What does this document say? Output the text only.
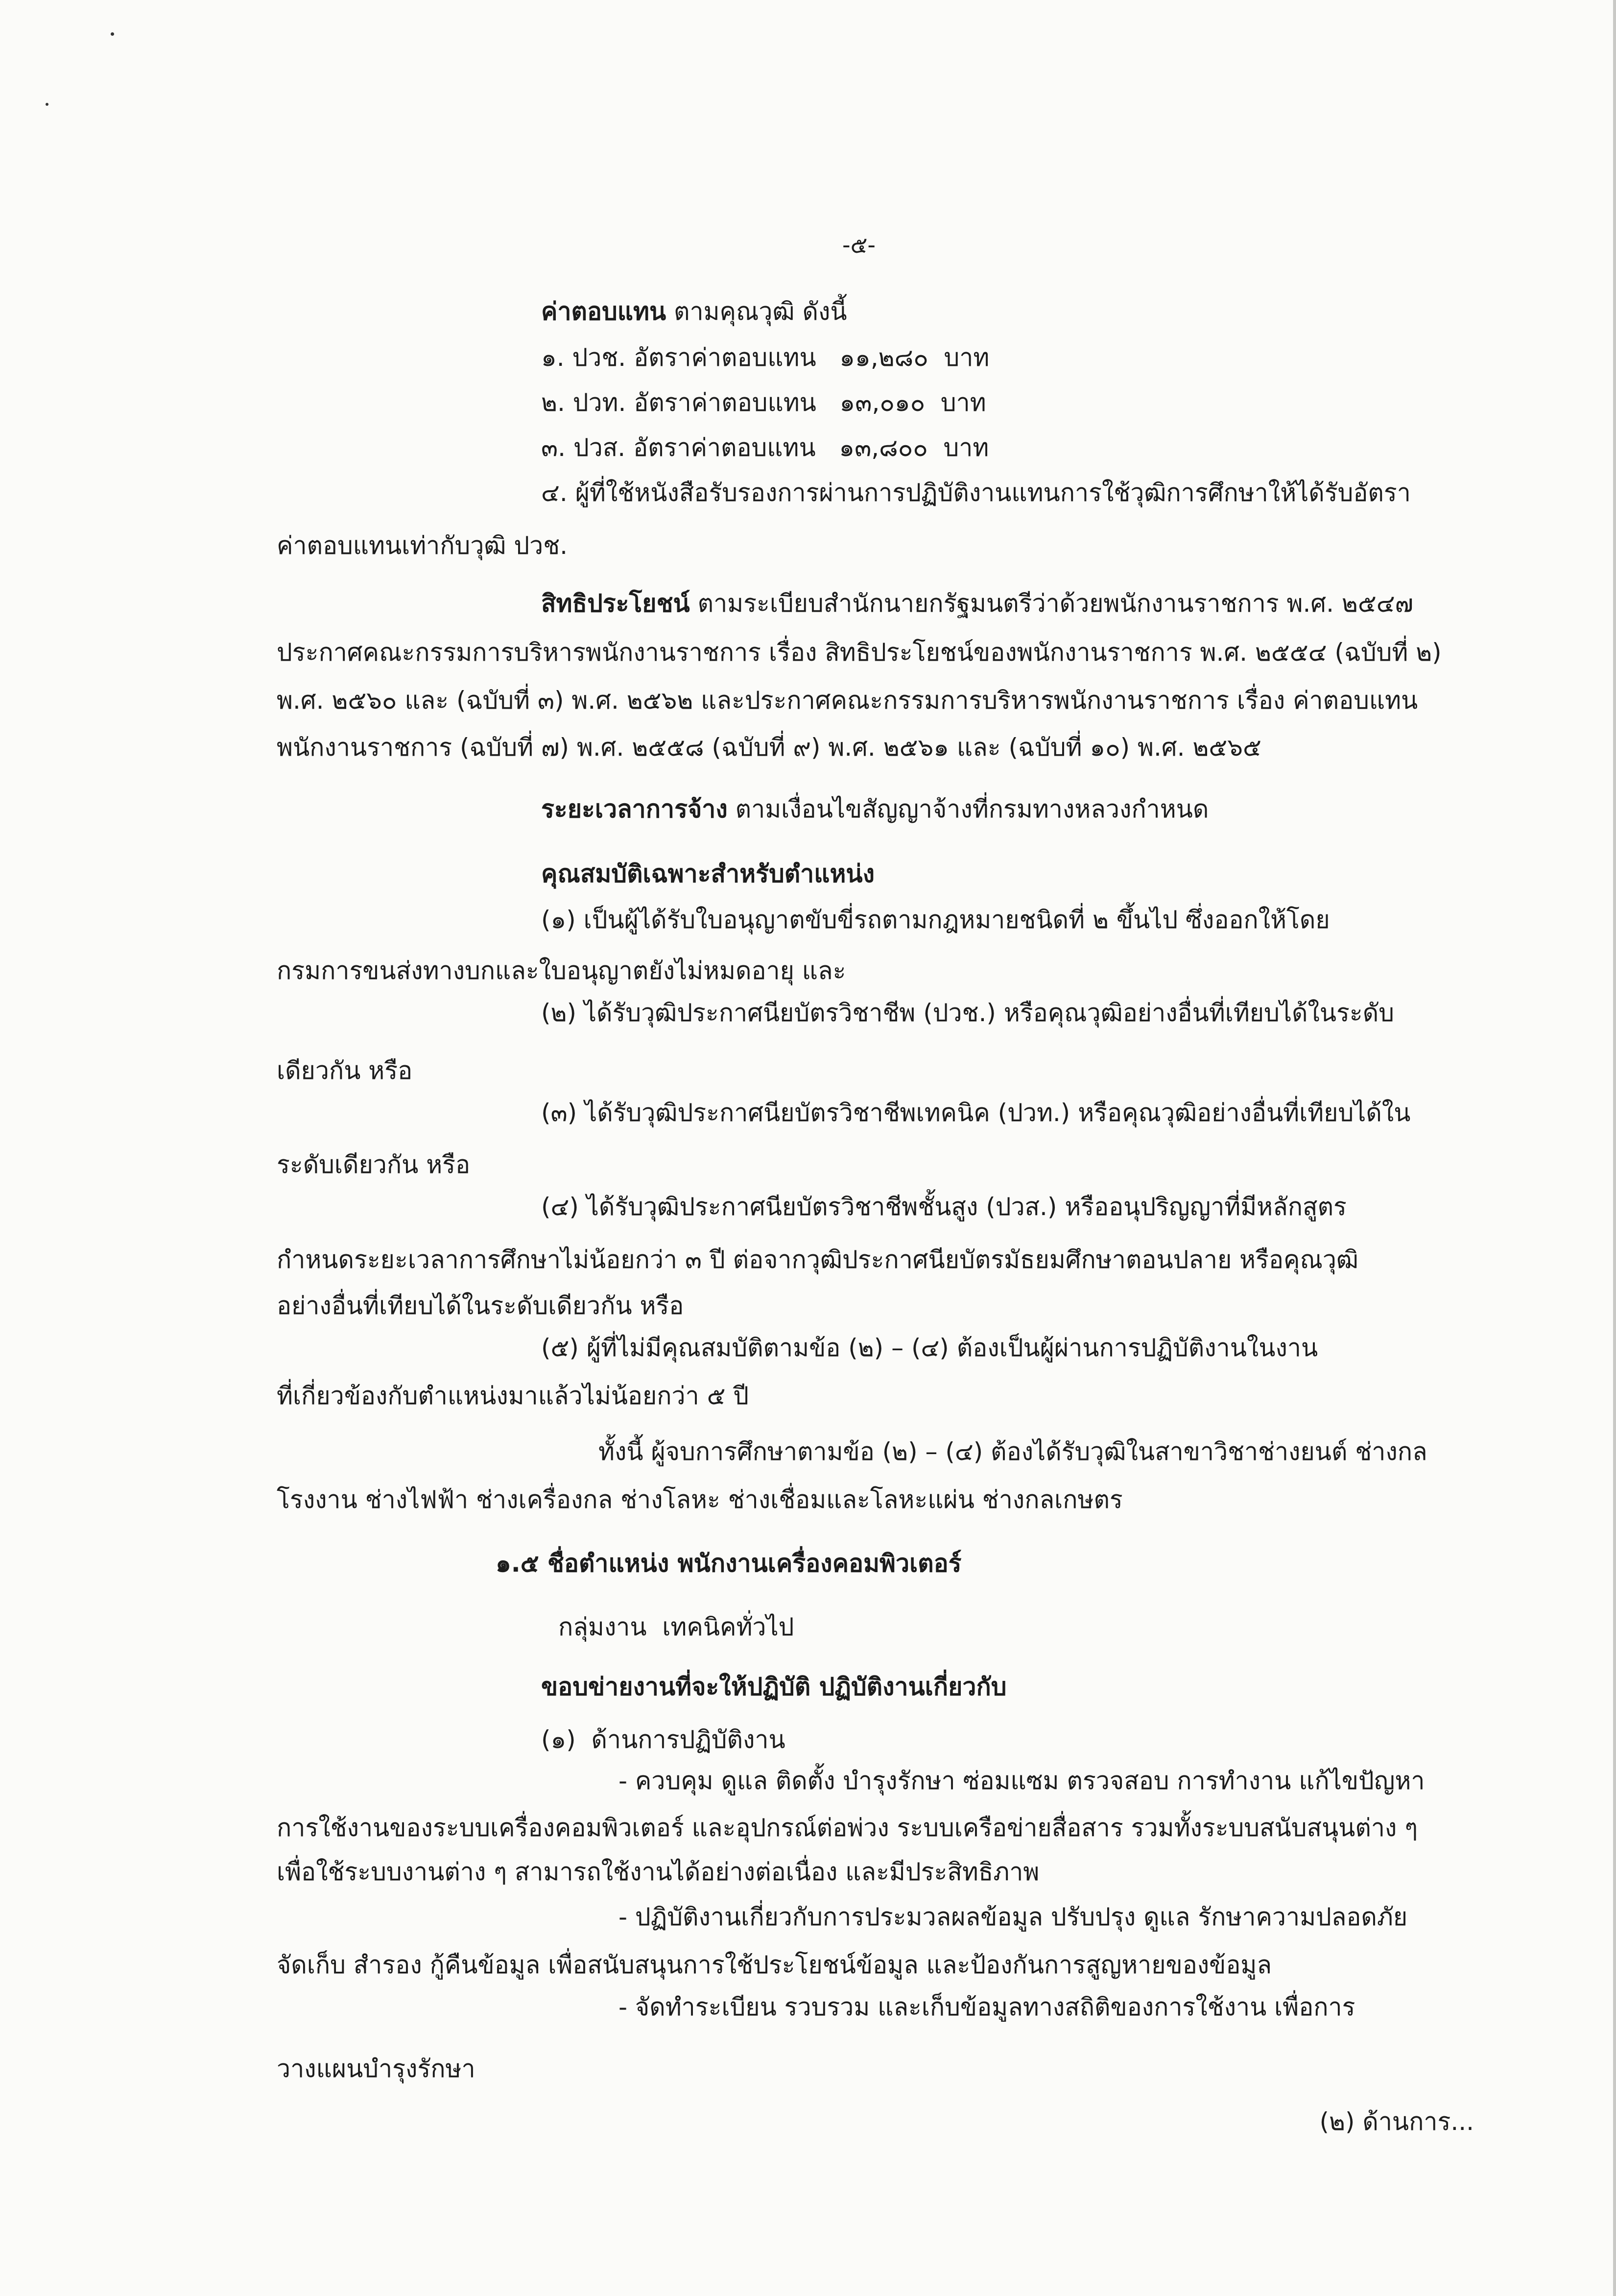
-๕-
ค่าตอบแทน ตามคุณวุฒิ ดังนี้
๑. ปวช. อัตราค่าตอบแทน   ๑๑,๒๘๐  บาท
๒. ปวท. อัตราค่าตอบแทน   ๑๓,๐๑๐  บาท
๓. ปวส. อัตราค่าตอบแทน   ๑๓,๘๐๐  บาท
๔. ผู้ที่ใช้หนังสือรับรองการผ่านการปฏิบัติงานแทนการใช้วุฒิการศึกษาให้ได้รับอัตรา
ค่าตอบแทนเท่ากับวุฒิ ปวช.
สิทธิประโยชน์ ตามระเบียบสำนักนายกรัฐมนตรีว่าด้วยพนักงานราชการ พ.ศ. ๒๕๔๗
ประกาศคณะกรรมการบริหารพนักงานราชการ เรื่อง สิทธิประโยชน์ของพนักงานราชการ พ.ศ. ๒๕๕๔ (ฉบับที่ ๒)
พ.ศ. ๒๕๖๐ และ (ฉบับที่ ๓) พ.ศ. ๒๕๖๒ และประกาศคณะกรรมการบริหารพนักงานราชการ เรื่อง ค่าตอบแทน
พนักงานราชการ (ฉบับที่ ๗) พ.ศ. ๒๕๕๘ (ฉบับที่ ๙) พ.ศ. ๒๕๖๑ และ (ฉบับที่ ๑๐) พ.ศ. ๒๕๖๕
ระยะเวลาการจ้าง ตามเงื่อนไขสัญญาจ้างที่กรมทางหลวงกำหนด
คุณสมบัติเฉพาะสำหรับตำแหน่ง
(๑) เป็นผู้ได้รับใบอนุญาตขับขี่รถตามกฎหมายชนิดที่ ๒ ขึ้นไป ซึ่งออกให้โดย
กรมการขนส่งทางบกและใบอนุญาตยังไม่หมดอายุ และ
(๒) ได้รับวุฒิประกาศนียบัตรวิชาชีพ (ปวช.) หรือคุณวุฒิอย่างอื่นที่เทียบได้ในระดับ
เดียวกัน หรือ
(๓) ได้รับวุฒิประกาศนียบัตรวิชาชีพเทคนิค (ปวท.) หรือคุณวุฒิอย่างอื่นที่เทียบได้ใน
ระดับเดียวกัน หรือ
(๔) ได้รับวุฒิประกาศนียบัตรวิชาชีพชั้นสูง (ปวส.) หรืออนุปริญญาที่มีหลักสูตร
กำหนดระยะเวลาการศึกษาไม่น้อยกว่า ๓ ปี ต่อจากวุฒิประกาศนียบัตรมัธยมศึกษาตอนปลาย หรือคุณวุฒิ
อย่างอื่นที่เทียบได้ในระดับเดียวกัน หรือ
(๕) ผู้ที่ไม่มีคุณสมบัติตามข้อ (๒) – (๔) ต้องเป็นผู้ผ่านการปฏิบัติงานในงาน
ที่เกี่ยวข้องกับตำแหน่งมาแล้วไม่น้อยกว่า ๕ ปี
ทั้งนี้ ผู้จบการศึกษาตามข้อ (๒) – (๔) ต้องได้รับวุฒิในสาขาวิชาช่างยนต์ ช่างกล
โรงงาน ช่างไฟฟ้า ช่างเครื่องกล ช่างโลหะ ช่างเชื่อมและโลหะแผ่น ช่างกลเกษตร
๑.๕ ชื่อตำแหน่ง พนักงานเครื่องคอมพิวเตอร์
กลุ่มงาน  เทคนิคทั่วไป
ขอบข่ายงานที่จะให้ปฏิบัติ ปฏิบัติงานเกี่ยวกับ
(๑)  ด้านการปฏิบัติงาน
- ควบคุม ดูแล ติดตั้ง บำรุงรักษา ซ่อมแซม ตรวจสอบ การทำงาน แก้ไขปัญหา
การใช้งานของระบบเครื่องคอมพิวเตอร์ และอุปกรณ์ต่อพ่วง ระบบเครือข่ายสื่อสาร รวมทั้งระบบสนับสนุนต่าง ๆ
เพื่อใช้ระบบงานต่าง ๆ สามารถใช้งานได้อย่างต่อเนื่อง และมีประสิทธิภาพ
- ปฏิบัติงานเกี่ยวกับการประมวลผลข้อมูล ปรับปรุง ดูแล รักษาความปลอดภัย
จัดเก็บ สำรอง กู้คืนข้อมูล เพื่อสนับสนุนการใช้ประโยชน์ข้อมูล และป้องกันการสูญหายของข้อมูล
- จัดทำระเบียน รวบรวม และเก็บข้อมูลทางสถิติของการใช้งาน เพื่อการ
วางแผนบำรุงรักษา
(๒) ด้านการ...
